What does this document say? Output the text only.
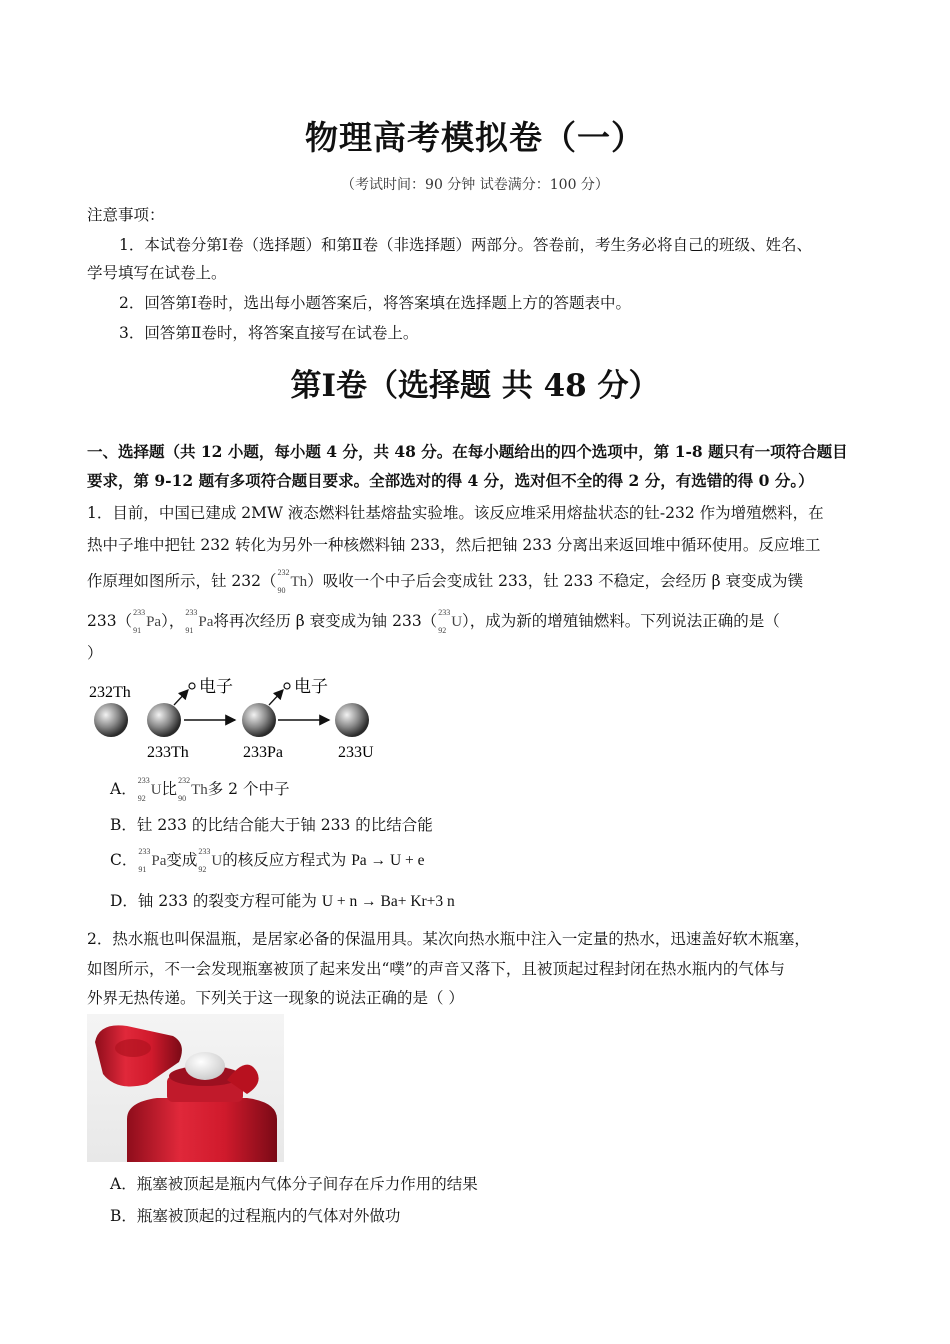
物理高考模拟卷（一）
（考试时间：90 分钟 试卷满分：100 分）
注意事项：
1．本试卷分第Ⅰ卷（选择题）和第Ⅱ卷（非选择题）两部分。答卷前，考生务必将自己的班级、姓名、
学号填写在试卷上。
2．回答第Ⅰ卷时，选出每小题答案后，将答案填在选择题上方的答题表中。
3．回答第Ⅱ卷时，将答案直接写在试卷上。
第Ⅰ卷（选择题 共 48 分）
一、选择题（共 12 小题，每小题 4 分，共 48 分。在每小题给出的四个选项中，第 1-8 题只有一项符合题目
要求，第 9-12 题有多项符合题目要求。全部选对的得 4 分，选对但不全的得 2 分，有选错的得 0 分。）
1．目前，中国已建成 2MW 液态燃料钍基熔盐实验堆。该反应堆采用熔盐状态的钍-232 作为增殖燃料，在
热中子堆中把钍 232 转化为另外一种核燃料铀 233，然后把铀 233 分离出来返回堆中循环使用。反应堆工
作原理如图所示，钍 232（ 232
90
Th）吸收一个中子后会变成钍 233，钍 233 不稳定，会经历 β 衰变成为镤
233（ 233
91
Pa）， 233
91
Pa将再次经历 β 衰变成为铀 233（ 233
92
U），成为新的增殖铀燃料。下列说法正确的是（
）
232Th	电子	电子
233Th	233Pa	233U
A． 233
92
U比 232
90
Th多 2 个中子
B．钍 233 的比结合能大于铀 233 的比结合能
C． 233
91
Pa变成 233
92
U的核反应方程式为 Pa → U + e
D．铀 233 的裂变方程可能为 U + n → Ba+ Kr+3 n
2．热水瓶也叫保温瓶，是居家必备的保温用具。某次向热水瓶中注入一定量的热水，迅速盖好软木瓶塞，
如图所示，不一会发现瓶塞被顶了起来发出“噗”的声音又落下，且被顶起过程封闭在热水瓶内的气体与
外界无热传递。下列关于这一现象的说法正确的是（ ）
A．瓶塞被顶起是瓶内气体分子间存在斥力作用的结果
B．瓶塞被顶起的过程瓶内的气体对外做功
